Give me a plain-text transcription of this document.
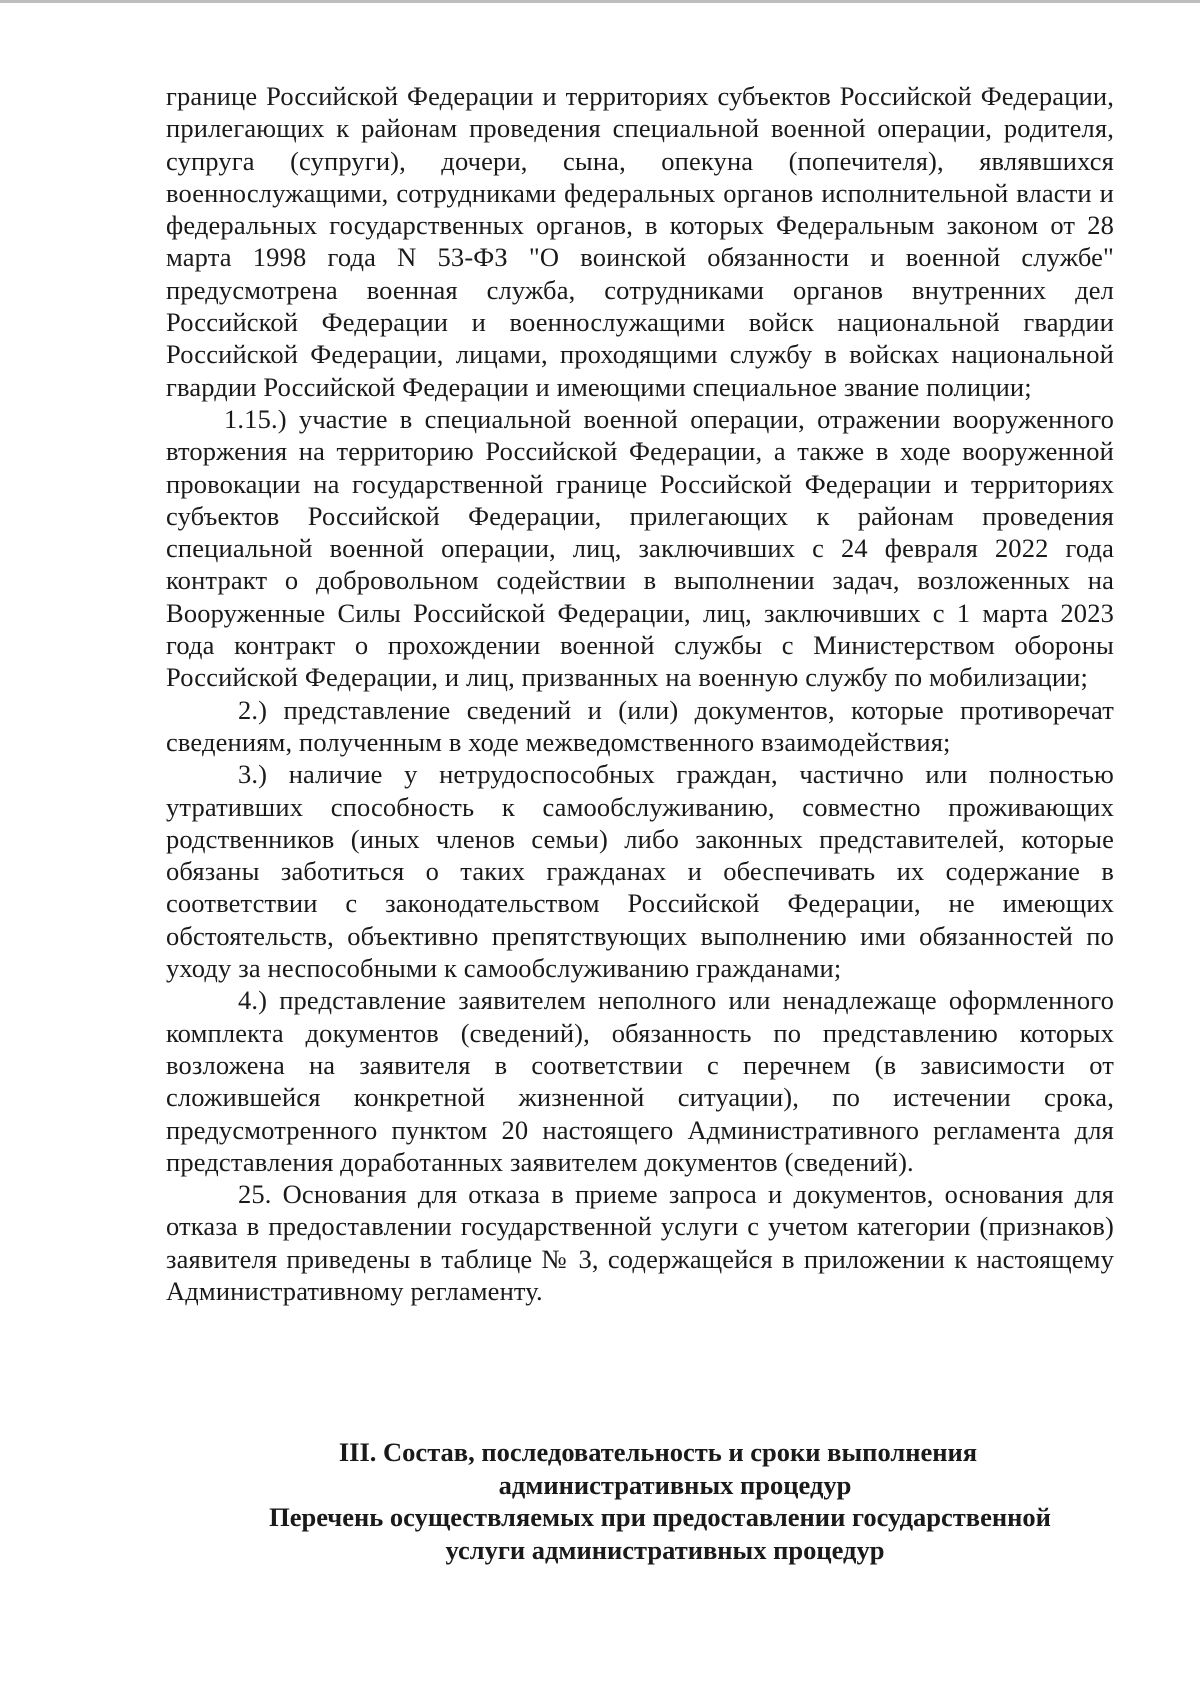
границе Российской Федерации и территориях субъектов Российской Федерации, прилегающих к районам проведения специальной военной операции, родителя, супруга (супруги), дочери, сына, опекуна (попечителя), являвшихся военнослужащими, сотрудниками федеральных органов исполнительной власти и федеральных государственных органов, в которых Федеральным законом от 28 марта 1998 года N 53-ФЗ "О воинской обязанности и военной службе" предусмотрена военная служба, сотрудниками органов внутренних дел Российской Федерации и военнослужащими войск национальной гвардии Российской Федерации, лицами, проходящими службу в войсках национальной гвардии Российской Федерации и имеющими специальное звание полиции;

1.15.) участие в специальной военной операции, отражении вооруженного вторжения на территорию Российской Федерации, а также в ходе вооруженной провокации на государственной границе Российской Федерации и территориях субъектов Российской Федерации, прилегающих к районам проведения специальной военной операции, лиц, заключивших с 24 февраля 2022 года контракт о добровольном содействии в выполнении задач, возложенных на Вооруженные Силы Российской Федерации, лиц, заключивших с 1 марта 2023 года контракт о прохождении военной службы с Министерством обороны Российской Федерации, и лиц, призванных на военную службу по мобилизации;

2.) представление сведений и (или) документов, которые противоречат сведениям, полученным в ходе межведомственного взаимодействия;

3.) наличие у нетрудоспособных граждан, частично или полностью утративших способность к самообслуживанию, совместно проживающих родственников (иных членов семьи) либо законных представителей, которые обязаны заботиться о таких гражданах и обеспечивать их содержание в соответствии с законодательством Российской Федерации, не имеющих обстоятельств, объективно препятствующих выполнению ими обязанностей по уходу за неспособными к самообслуживанию гражданами;

4.) представление заявителем неполного или ненадлежаще оформленного комплекта документов (сведений), обязанность по представлению которых возложена на заявителя в соответствии с перечнем (в зависимости от сложившейся конкретной жизненной ситуации), по истечении срока, предусмотренного пунктом 20 настоящего Административного регламента для представления доработанных заявителем документов (сведений).

25. Основания для отказа в приеме запроса и документов, основания для отказа в предоставлении государственной услуги с учетом категории (признаков) заявителя приведены в таблице № 3, содержащейся в приложении к настоящему Административному регламенту.

III. Состав, последовательность и сроки выполнения
административных процедур
Перечень осуществляемых при предоставлении государственной
услуги административных процедур
